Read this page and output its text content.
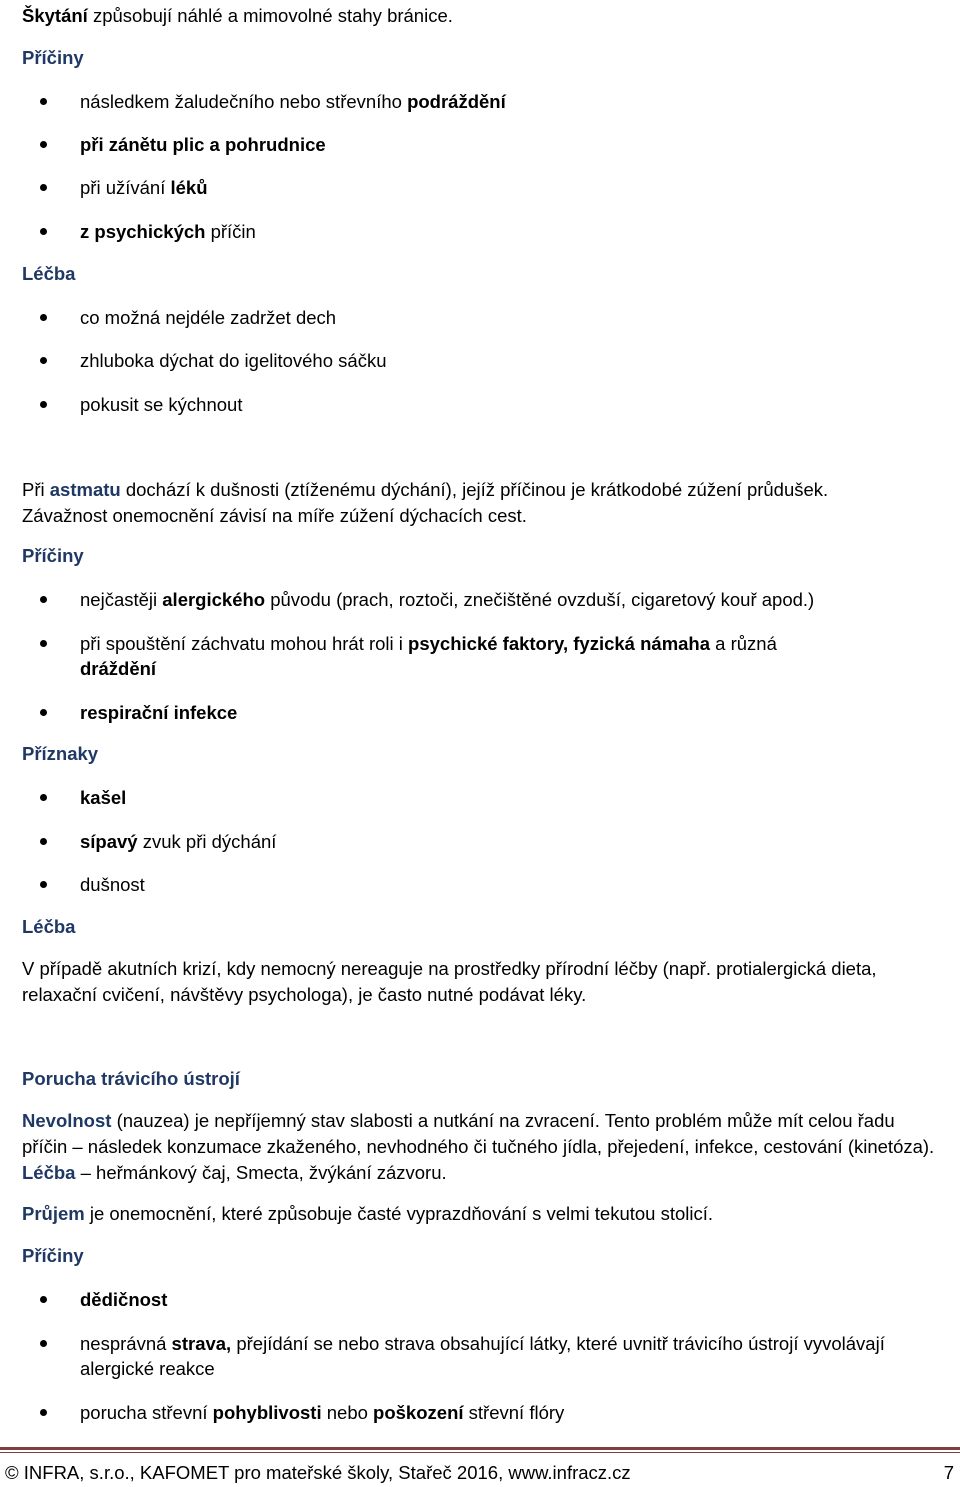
Škytání způsobují náhlé a mimovolné stahy bránice.
Příčiny
následkem žaludečního nebo střevního podráždění
při zánětu plic a pohrudnice
při užívání léků
z psychických příčin
Léčba
co možná nejdéle zadržet dech
zhluboka dýchat do igelitového sáčku
pokusit se kýchnout
Při astmatu dochází k dušnosti (ztíženému dýchání), jejíž příčinou je krátkodobé zúžení průdušek.
Závažnost onemocnění závisí na míře zúžení dýchacích cest.
Příčiny
nejčastěji alergického původu (prach, roztoči, znečištěné ovzduší, cigaretový kouř apod.)
při spouštění záchvatu mohou hrát roli i psychické faktory, fyzická námaha a různá
dráždění
respirační infekce
Příznaky
kašel
sípavý zvuk při dýchání
dušnost
Léčba
V případě akutních krizí, kdy nemocný nereaguje na prostředky přírodní léčby (např. protialergická dieta, relaxační cvičení, návštěvy psychologa), je často nutné podávat léky.
Porucha trávicího ústrojí
Nevolnost (nauzea) je nepříjemný stav slabosti a nutkání na zvracení. Tento problém může mít celou řadu příčin – následek konzumace zkaženého, nevhodného či tučného jídla, přejedení, infekce, cestování (kinetóza). Léčba – heřmánkový čaj, Smecta, žvýkání zázvoru.
Průjem je onemocnění, které způsobuje časté vyprazdňování s velmi tekutou stolicí.
Příčiny
dědičnost
nesprávná strava, přejídání se nebo strava obsahující látky, které uvnitř trávicího ústrojí vyvolávají alergické reakce
porucha střevní pohyblivosti nebo poškození střevní flóry
© INFRA, s.r.o., KAFOMET pro mateřské školy, Stařeč 2016, www.infracz.cz	7
